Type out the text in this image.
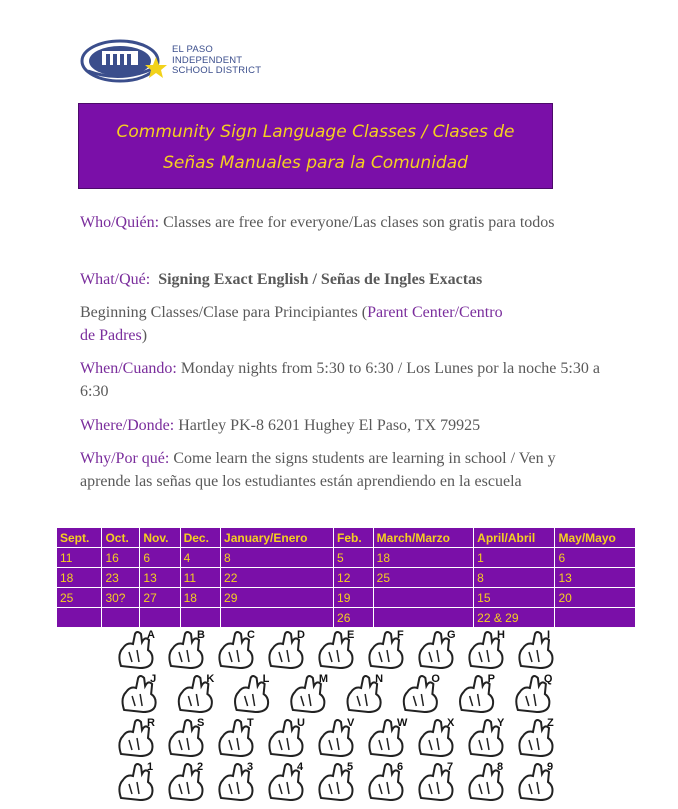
EL PASO
INDEPENDENT
SCHOOL DISTRICT
Community Sign Language Classes / Clases de
Señas Manuales para la Comunidad
Who/Quién: Classes are free for everyone/Las clases son gratis para todos
What/Qué: Signing Exact English / Señas de Ingles Exactas
Beginning Classes/Clase para Principiantes (Parent Center/Centro de Padres)
When/Cuando: Monday nights from 5:30 to 6:30 / Los Lunes por la noche 5:30 a 6:30
Where/Donde: Hartley PK-8 6201 Hughey El Paso, TX 79925
Why/Por qué: Come learn the signs students are learning in school / Ven y aprende las señas que los estudiantes están aprendiendo en la escuela
Sept.	Oct.	Nov.	Dec.	January/Enero	Feb.	March/Marzo	April/Abril	May/Mayo
11	16	6	4	8	5	18	1	6
18	23	13	11	22	12	25	8	13
25	30?	27	18	29	19		15	20
					26		22 & 29	
A	B	C	D	E	F	G	H	I
J	K	L	M	N	O	P	Q
R	S	T	U	V	W	X	Y	Z
1	2	3	4	5	6	7	8	9
